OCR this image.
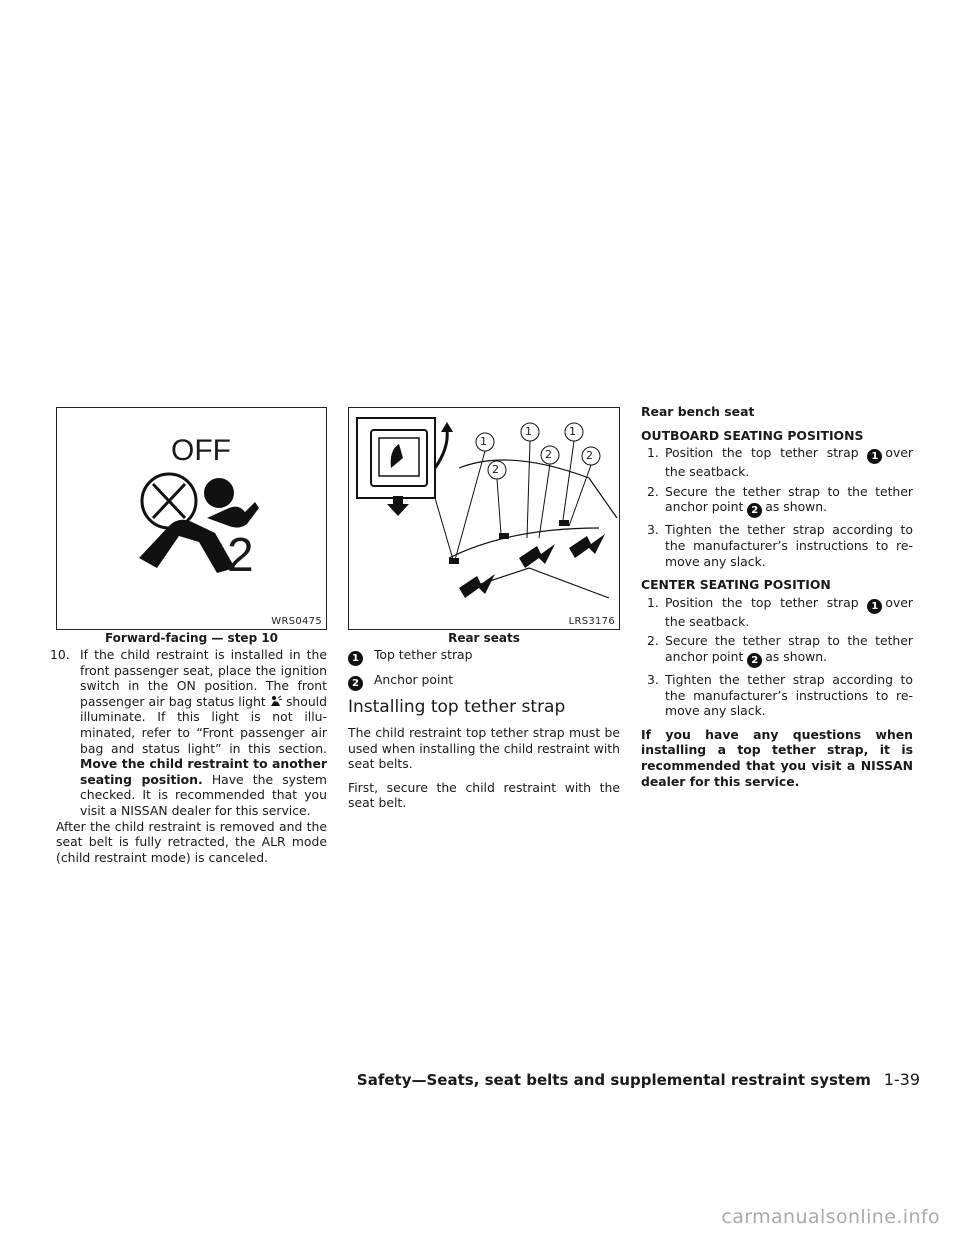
OFF
2
WRS0475
Forward-facing — step 10
1
1	1
2
2	2
LRS3176
Rear seats
10. If the child restraint is installed in the front passenger seat, place the ignition switch in the ON position. The front passenger air bag status light should illuminate. If this light is not illuminated, refer to “Front passenger air bag and status light” in this section. Move the child restraint to another seating position. Have the system checked. It is recommended that you visit a NISSAN dealer for this service.

After the child restraint is removed and the seat belt is fully retracted, the ALR mode (child restraint mode) is canceled.

1 Top tether strap
2 Anchor point
Installing top tether strap

The child restraint top tether strap must be used when installing the child restraint with seat belts.

First, secure the child restraint with the seat belt.

Rear bench seat
OUTBOARD SEATING POSITIONS
1. Position the top tether strap 1 over the seatback.
2. Secure the tether strap to the tether anchor point 2 as shown.
3. Tighten the tether strap according to the manufacturer’s instructions to remove any slack.
CENTER SEATING POSITION
1. Position the top tether strap 1 over the seatback.
2. Secure the tether strap to the tether anchor point 2 as shown.
3. Tighten the tether strap according to the manufacturer’s instructions to remove any slack.

If you have any questions when installing a top tether strap, it is recommended that you visit a NISSAN dealer for this service.

Safety—Seats, seat belts and supplemental restraint system 1-39
carmanualsonline.info
